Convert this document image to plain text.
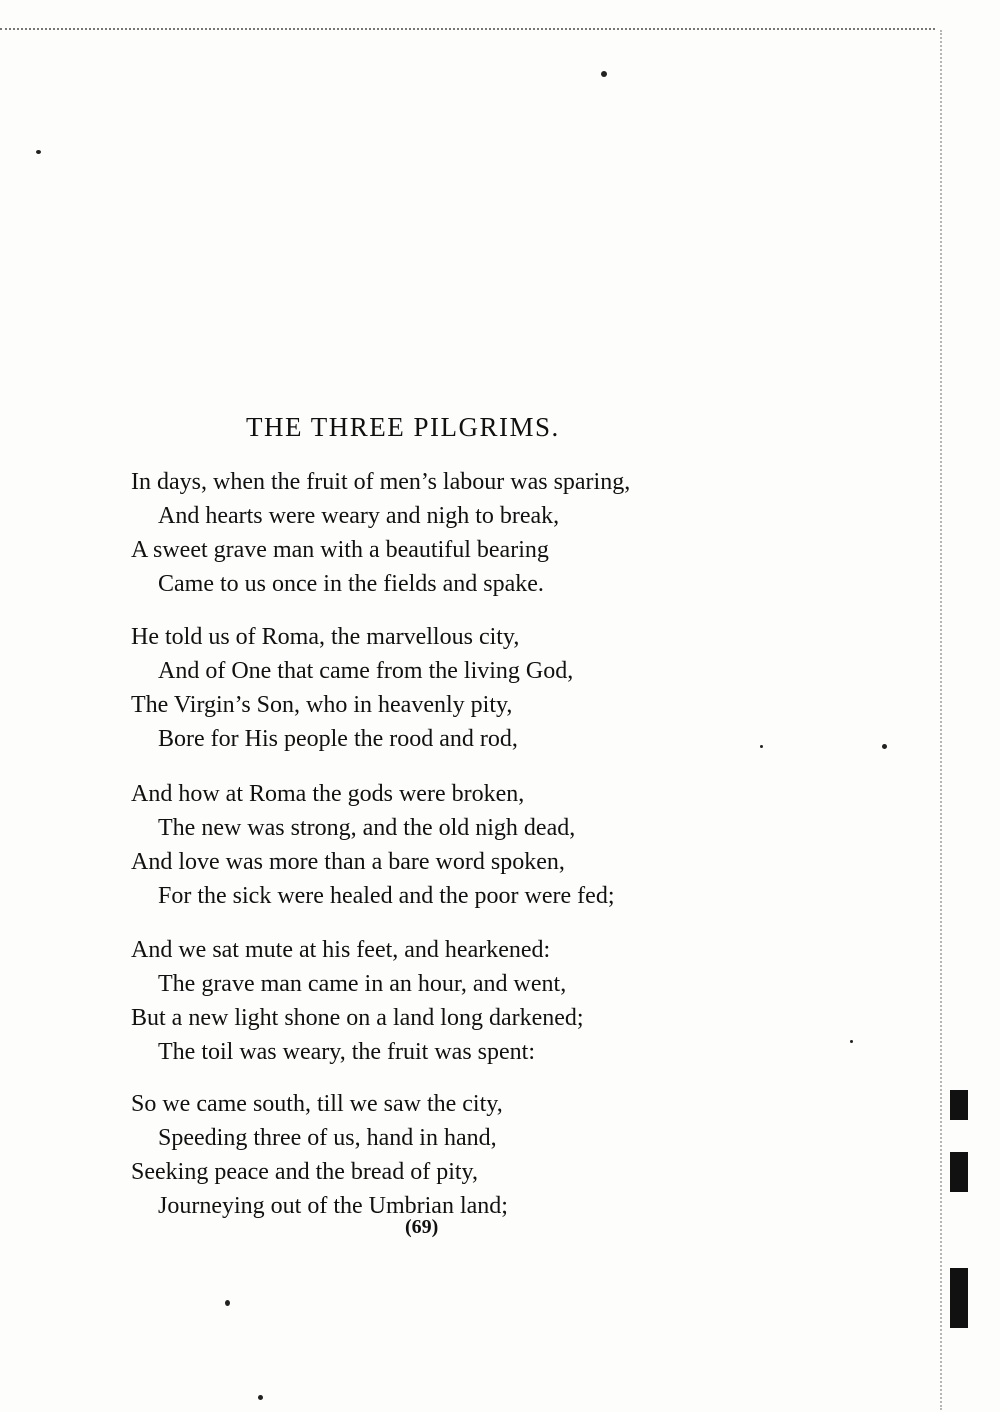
THE THREE PILGRIMS.
In days, when the fruit of men’s labour was sparing,
And hearts were weary and nigh to break,
A sweet grave man with a beautiful bearing
Came to us once in the fields and spake.
He told us of Roma, the marvellous city,
And of One that came from the living God,
The Virgin’s Son, who in heavenly pity,
Bore for His people the rood and rod,
And how at Roma the gods were broken,
The new was strong, and the old nigh dead,
And love was more than a bare word spoken,
For the sick were healed and the poor were fed;
And we sat mute at his feet, and hearkened:
The grave man came in an hour, and went,
But a new light shone on a land long darkened;
The toil was weary, the fruit was spent:
So we came south, till we saw the city,
Speeding three of us, hand in hand,
Seeking peace and the bread of pity,
Journeying out of the Umbrian land;
(69)
